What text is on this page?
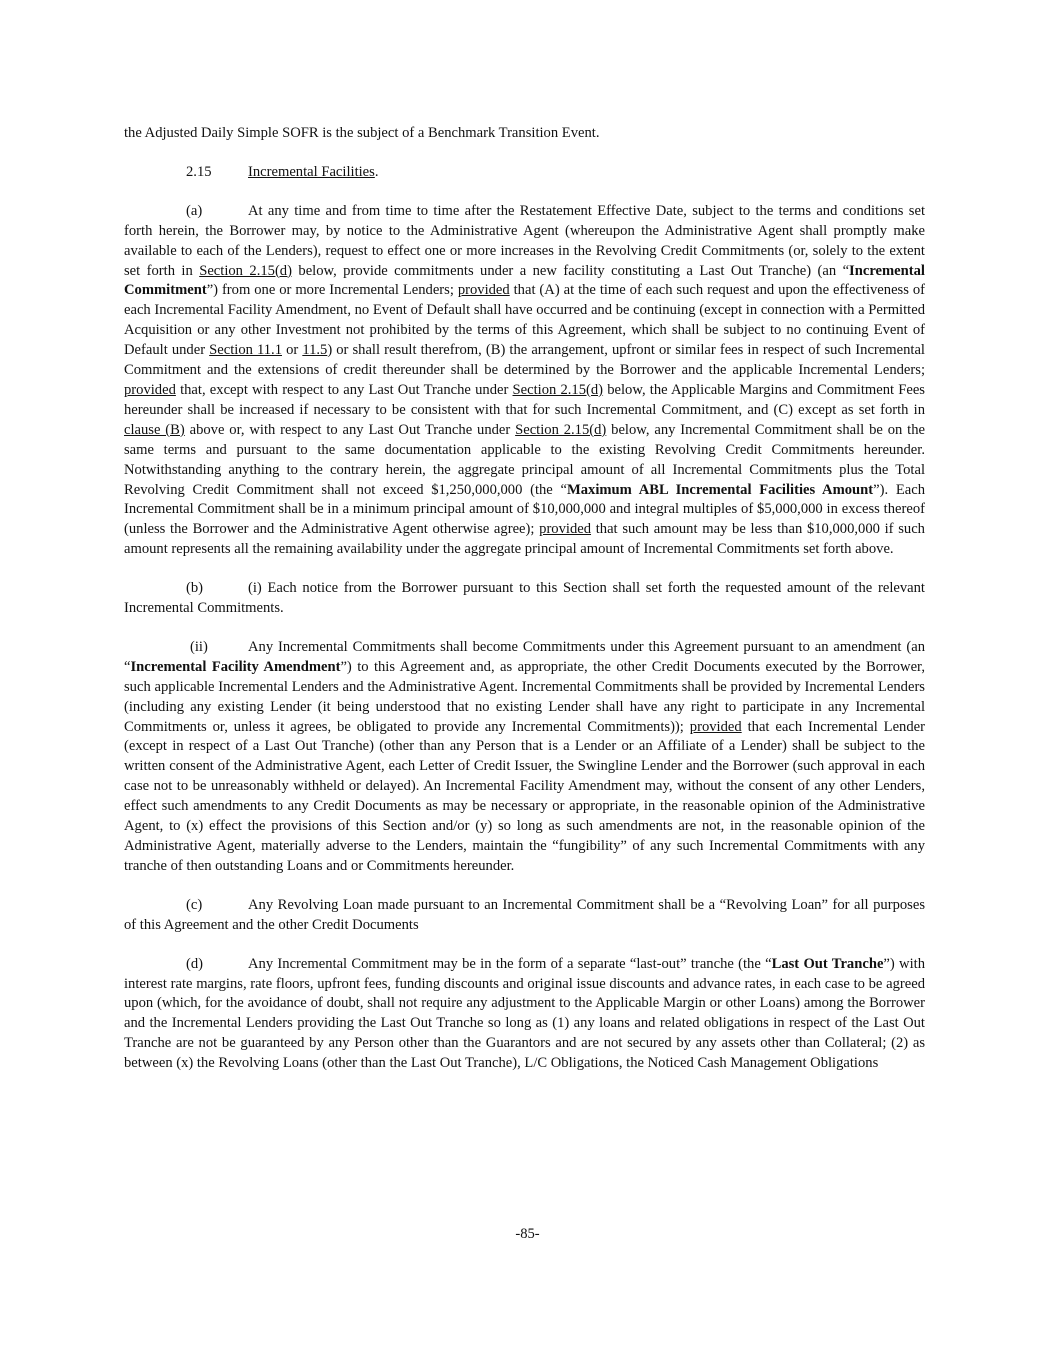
the Adjusted Daily Simple SOFR is the subject of a Benchmark Transition Event.

2.15 Incremental Facilities.

(a)	At any time and from time to time after the Restatement Effective Date, subject to the terms and conditions set forth herein, the Borrower may, by notice to the Administrative Agent (whereupon the Administrative Agent shall promptly make available to each of the Lenders), request to effect one or more increases in the Revolving Credit Commitments (or, solely to the extent set forth in Section 2.15(d) below, provide commitments under a new facility constituting a Last Out Tranche) (an “Incremental Commitment”) from one or more Incremental Lenders; provided that (A) at the time of each such request and upon the effectiveness of each Incremental Facility Amendment, no Event of Default shall have occurred and be continuing (except in connection with a Permitted Acquisition or any other Investment not prohibited by the terms of this Agreement, which shall be subject to no continuing Event of Default under Section 11.1 or 11.5) or shall result therefrom, (B) the arrangement, upfront or similar fees in respect of such Incremental Commitment and the extensions of credit thereunder shall be determined by the Borrower and the applicable Incremental Lenders; provided that, except with respect to any Last Out Tranche under Section 2.15(d) below, the Applicable Margins and Commitment Fees hereunder shall be increased if necessary to be consistent with that for such Incremental Commitment, and (C) except as set forth in clause (B) above or, with respect to any Last Out Tranche under Section 2.15(d) below, any Incremental Commitment shall be on the same terms and pursuant to the same documentation applicable to the existing Revolving Credit Commitments hereunder. Notwithstanding anything to the contrary herein, the aggregate principal amount of all Incremental Commitments plus the Total Revolving Credit Commitment shall not exceed $1,250,000,000 (the “Maximum ABL Incremental Facilities Amount”). Each Incremental Commitment shall be in a minimum principal amount of $10,000,000 and integral multiples of $5,000,000 in excess thereof (unless the Borrower and the Administrative Agent otherwise agree); provided that such amount may be less than $10,000,000 if such amount represents all the remaining availability under the aggregate principal amount of Incremental Commitments set forth above.

(b)	(i) Each notice from the Borrower pursuant to this Section shall set forth the requested amount of the relevant Incremental Commitments.

(ii)	Any Incremental Commitments shall become Commitments under this Agreement pursuant to an amendment (an “Incremental Facility Amendment”) to this Agreement and, as appropriate, the other Credit Documents executed by the Borrower, such applicable Incremental Lenders and the Administrative Agent. Incremental Commitments shall be provided by Incremental Lenders (including any existing Lender (it being understood that no existing Lender shall have any right to participate in any Incremental Commitments or, unless it agrees, be obligated to provide any Incremental Commitments)); provided that each Incremental Lender (except in respect of a Last Out Tranche) (other than any Person that is a Lender or an Affiliate of a Lender) shall be subject to the written consent of the Administrative Agent, each Letter of Credit Issuer, the Swingline Lender and the Borrower (such approval in each case not to be unreasonably withheld or delayed). An Incremental Facility Amendment may, without the consent of any other Lenders, effect such amendments to any Credit Documents as may be necessary or appropriate, in the reasonable opinion of the Administrative Agent, to (x) effect the provisions of this Section and/or (y) so long as such amendments are not, in the reasonable opinion of the Administrative Agent, materially adverse to the Lenders, maintain the “fungibility” of any such Incremental Commitments with any tranche of then outstanding Loans and or Commitments hereunder.

(c)	Any Revolving Loan made pursuant to an Incremental Commitment shall be a “Revolving Loan” for all purposes of this Agreement and the other Credit Documents

(d)	Any Incremental Commitment may be in the form of a separate “last-out” tranche (the “Last Out Tranche”) with interest rate margins, rate floors, upfront fees, funding discounts and original issue discounts and advance rates, in each case to be agreed upon (which, for the avoidance of doubt, shall not require any adjustment to the Applicable Margin or other Loans) among the Borrower and the Incremental Lenders providing the Last Out Tranche so long as (1) any loans and related obligations in respect of the Last Out Tranche are not be guaranteed by any Person other than the Guarantors and are not secured by any assets other than Collateral; (2) as between (x) the Revolving Loans (other than the Last Out Tranche), L/C Obligations, the Noticed Cash Management Obligations

-85-
